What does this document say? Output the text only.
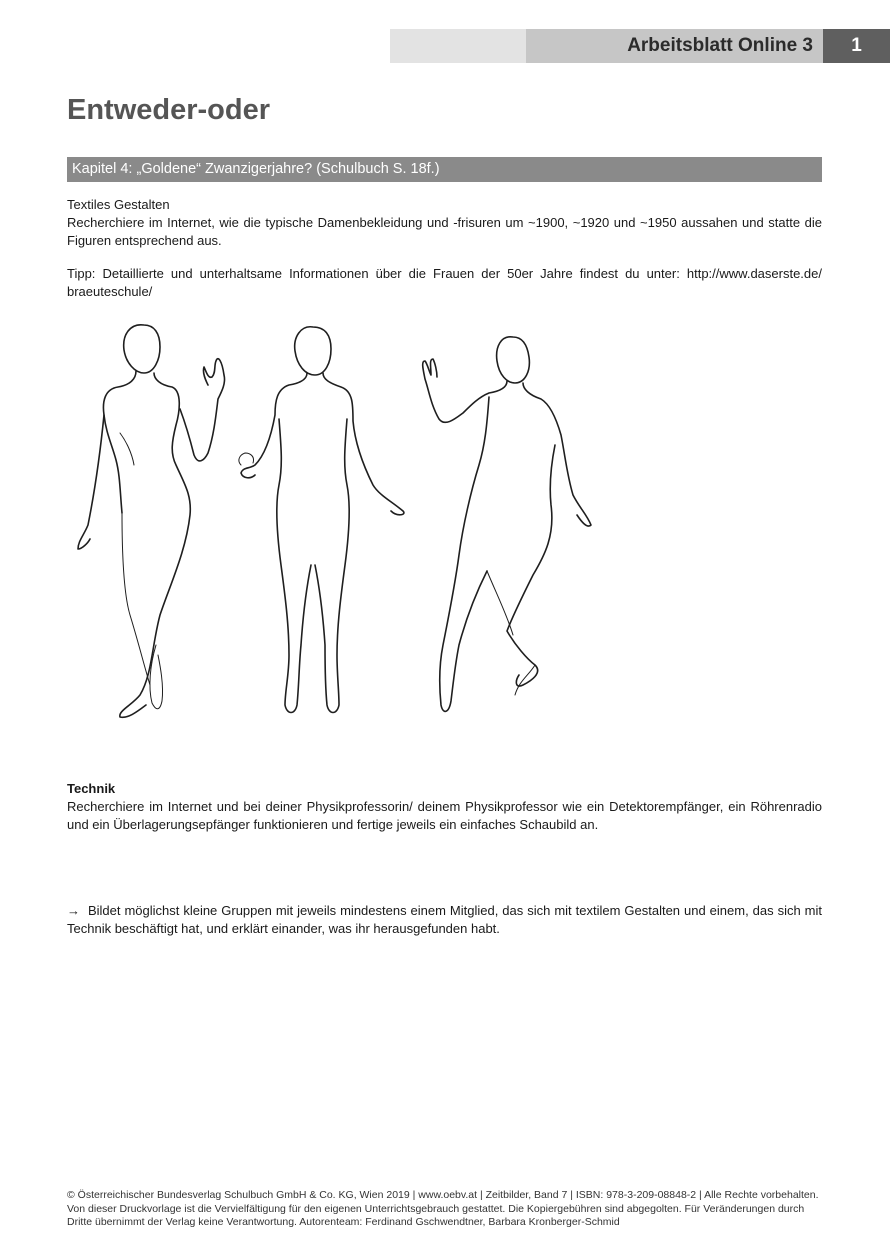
Arbeitsblatt Online 3	1
Entweder-oder
Kapitel 4: „Goldene“ Zwanzigerjahre? (Schulbuch S. 18f.)

Textiles Gestalten

Recherchiere im Internet, wie die typische Damenbekleidung und -frisuren um ~1900, ~1920 und ~1950 aussahen und statte die Figuren entsprechend aus.

Tipp: Detaillierte und unterhaltsame Informationen über die Frauen der 50er Jahre findest du unter: http://www.daserste.de/ braeuteschule/

Technik

Recherchiere im Internet und bei deiner Physikprofessorin/ deinem Physikprofessor wie ein Detektorempfänger, ein Röhrenradio und ein Überlagerungsepfänger funktionieren und fertige jeweils ein einfaches Schaubild an.

→ Bildet möglichst kleine Gruppen mit jeweils mindestens einem Mitglied, das sich mit textilem Gestalten und einem, das sich mit Technik beschäftigt hat, und erklärt einander, was ihr herausgefunden habt.

© Österreichischer Bundesverlag Schulbuch GmbH & Co. KG, Wien 2019 | www.oebv.at | Zeitbilder, Band 7 | ISBN: 978-3-209-08848-2 | Alle Rechte vorbehalten. Von dieser Druckvorlage ist die Vervielfältigung für den eigenen Unterrichtsgebrauch gestattet. Die Kopiergebühren sind abgegolten. Für Veränderungen durch Dritte übernimmt der Verlag keine Verantwortung. Autorenteam: Ferdinand Gschwendtner, Barbara Kronberger-Schmid
